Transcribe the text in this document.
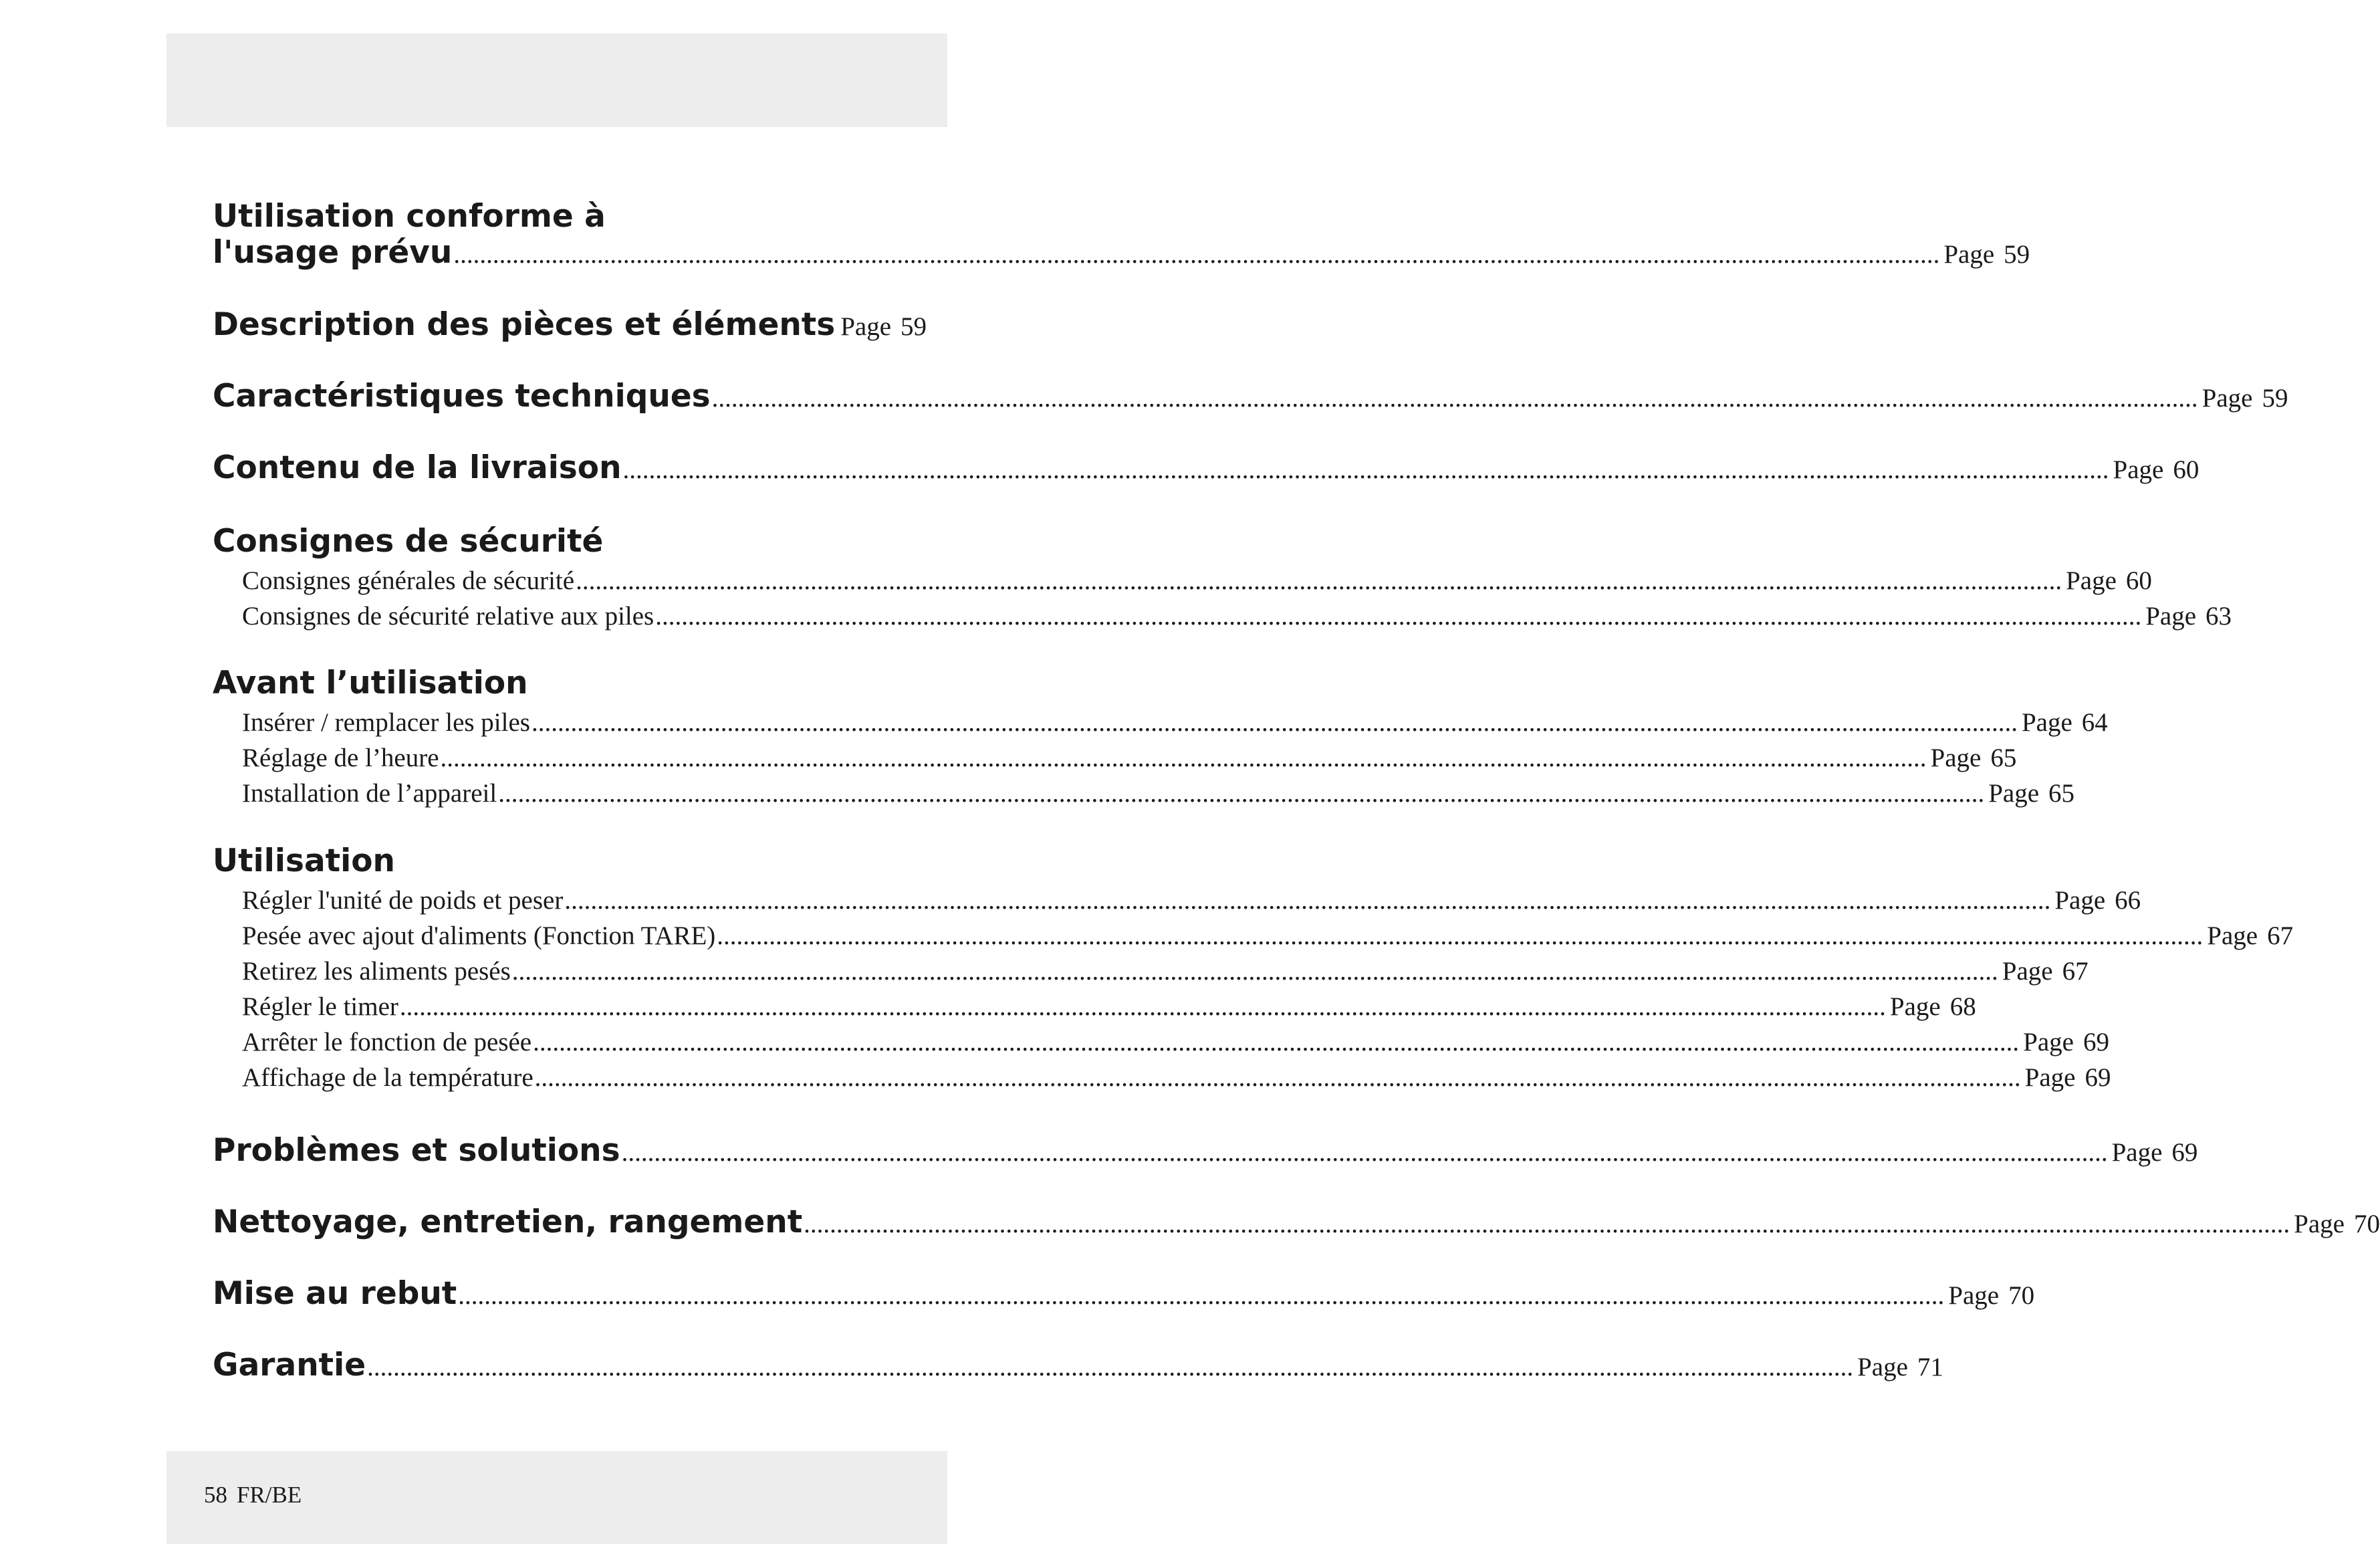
Utilisation conforme à
l'usage prévu .....	Page 59
Description des pièces et éléments Page 59
Caractéristiques techniques .....	Page 59
Contenu de la livraison .....	Page 60
Consignes de sécurité
Consignes générales de sécurité .....	Page 60
Consignes de sécurité relative aux piles .....	Page 63
Avant l’utilisation
Insérer / remplacer les piles .....	Page 64
Réglage de l’heure .....	Page 65
Installation de l’appareil .....	Page 65
Utilisation
Régler l'unité de poids et peser .....	Page 66
Pesée avec ajout d'aliments (Fonction TARE) .....	Page 67
Retirez les aliments pesés .....	Page 67
Régler le timer .....	Page 68
Arrêter le fonction de pesée .....	Page 69
Affichage de la température .....	Page 69
Problèmes et solutions .....	Page 69
Nettoyage, entretien, rangement .....	Page 70
Mise au rebut .....	Page 70
Garantie .....	Page 71
58 FR/BE
